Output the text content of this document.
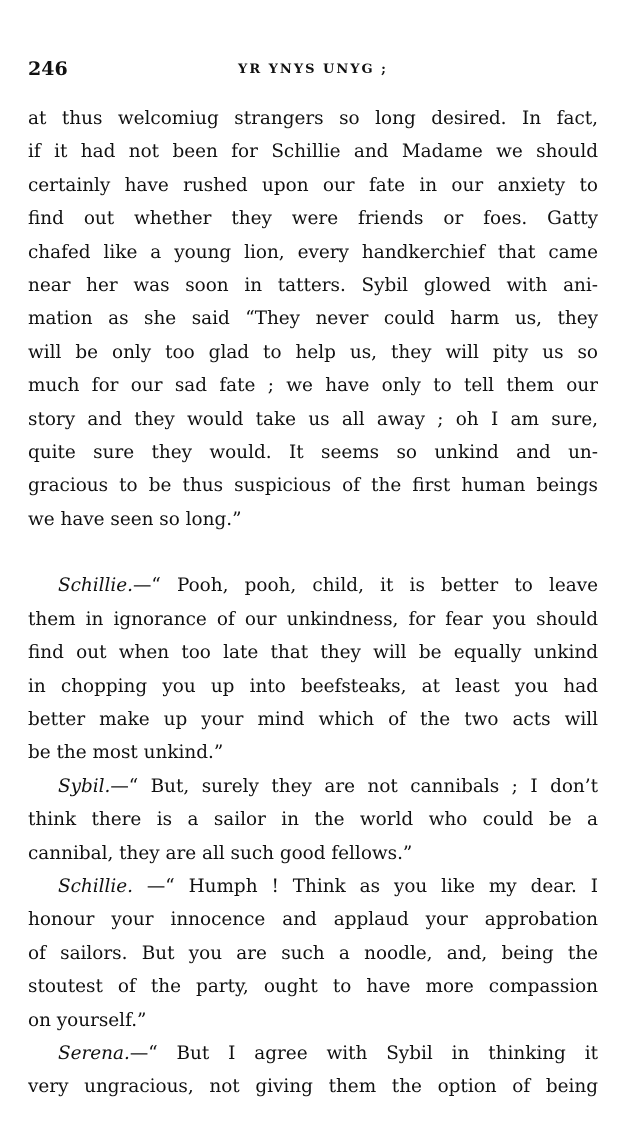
246	YR YNYS UNYG ;
at thus welcomiug strangers so long desired. In fact,
if it had not been for Schillie and Madame we should
certainly have rushed upon our fate in our anxiety to
find out whether they were friends or foes. Gatty
chafed like a young lion, every handkerchief that came
near her was soon in tatters. Sybil glowed with ani-
mation as she said “They never could harm us, they
will be only too glad to help us, they will pity us so
much for our sad fate ; we have only to tell them our
story and they would take us all away ; oh I am sure,
quite sure they would. It seems so unkind and un-
gracious to be thus suspicious of the first human beings
we have seen so long.”
Schillie.—“ Pooh, pooh, child, it is better to leave
them in ignorance of our unkindness, for fear you should
find out when too late that they will be equally unkind
in chopping you up into beefsteaks, at least you had
better make up your mind which of the two acts will
be the most unkind.”
Sybil.—“ But, surely they are not cannibals ; I don’t
think there is a sailor in the world who could be a
cannibal, they are all such good fellows.”
Schillie. —“ Humph ! Think as you like my dear. I
honour your innocence and applaud your approbation
of sailors. But you are such a noodle, and, being the
stoutest of the party, ought to have more compassion
on yourself.”
Serena.—“ But I agree with Sybil in thinking it
very ungracious, not giving them the option of being
